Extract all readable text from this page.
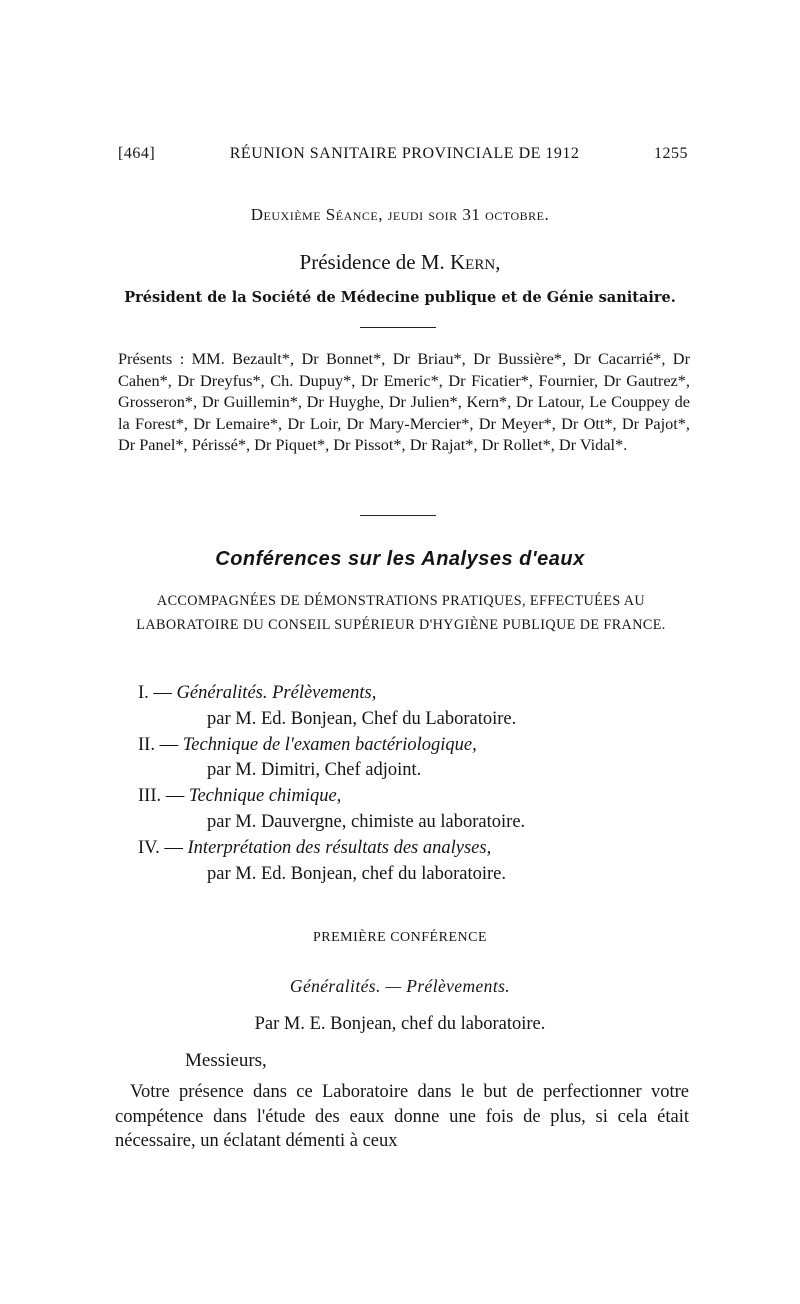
[464]	RÉUNION SANITAIRE PROVINCIALE DE 1912	1255
Deuxième Séance, jeudi soir 31 octobre.
Présidence de M. Kern,
Président de la Société de Médecine publique et de Génie sanitaire.
Présents : MM. Bezault*, Dr Bonnet*, Dr Briau*, Dr Bussière*, Dr Cacarrié*, Dr Cahen*, Dr Dreyfus*, Ch. Dupuy*, Dr Emeric*, Dr Ficatier*, Fournier, Dr Gautrez*, Grosseron*, Dr Guillemin*, Dr Huyghe, Dr Julien*, Kern*, Dr Latour, Le Couppey de la Forest*, Dr Lemaire*, Dr Loir, Dr Mary-Mercier*, Dr Meyer*, Dr Ott*, Dr Pajot*, Dr Panel*, Périssé*, Dr Piquet*, Dr Pissot*, Dr Rajat*, Dr Rollet*, Dr Vidal*.
Conférences sur les Analyses d'eaux
ACCOMPAGNÉES DE DÉMONSTRATIONS PRATIQUES, EFFECTUÉES AU LABORATOIRE DU CONSEIL SUPÉRIEUR D'HYGIÈNE PUBLIQUE DE FRANCE.
I. — Généralités. Prélèvements,
par M. Ed. Bonjean, Chef du Laboratoire.
II. — Technique de l'examen bactériologique,
par M. Dimitri, Chef adjoint.
III. — Technique chimique,
par M. Dauvergne, chimiste au laboratoire.
IV. — Interprétation des résultats des analyses,
par M. Ed. Bonjean, chef du laboratoire.
PREMIÈRE CONFÉRENCE
Généralités. — Prélèvements.
Par M. E. Bonjean, chef du laboratoire.
Messieurs,
Votre présence dans ce Laboratoire dans le but de perfectionner votre compétence dans l'étude des eaux donne une fois de plus, si cela était nécessaire, un éclatant démenti à ceux
